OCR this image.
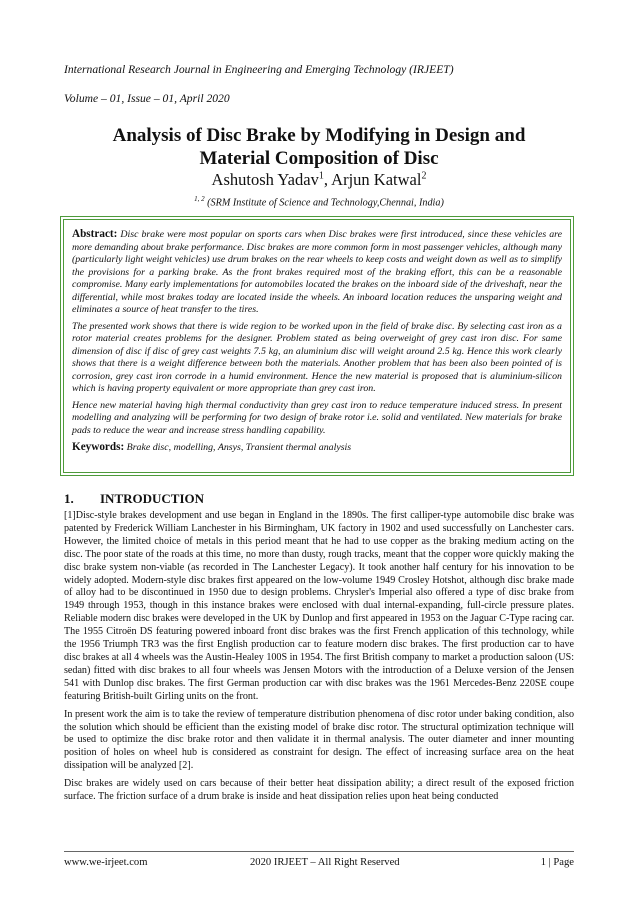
International Research Journal in Engineering and Emerging Technology (IRJEET)
Volume – 01, Issue – 01, April 2020
Analysis of Disc Brake by Modifying in Design and
Material Composition of Disc
Ashutosh Yadav$^1$, Arjun Katwal$^2$
$^{1, 2}$ (SRM Institute of Science and Technology,Chennai, India)

Abstract: Disc brake were most popular on sports cars when Disc brakes were first introduced, since these vehicles are more demanding about brake performance. Disc brakes are more common form in most passenger vehicles, although many (particularly light weight vehicles) use drum brakes on the rear wheels to keep costs and weight down as well as to simplify the provisions for a parking brake. As the front brakes required most of the braking effort, this can be a reasonable compromise. Many early implementations for automobiles located the brakes on the inboard side of the driveshaft, near the differential, while most brakes today are located inside the wheels. An inboard location reduces the unsparing weight and eliminates a source of heat transfer to the tires.

The presented work shows that there is wide region to be worked upon in the field of brake disc. By selecting cast iron as a rotor material creates problems for the designer. Problem stated as being overweight of grey cast iron disc. For same dimension of disc if disc of grey cast weights 7.5 kg, an aluminium disc will weight around 2.5 kg. Hence this work clearly shows that there is a weight difference between both the materials. Another problem that has been also been pointed of is corrosion, grey cast iron corrode in a humid environment. Hence the new material is proposed that is aluminium-silicon which is having property equivalent or more appropriate than grey cast iron.

Hence new material having high thermal conductivity than grey cast iron to reduce temperature induced stress. In present modelling and analyzing will be performing for two design of brake rotor i.e. solid and ventilated. New materials for brake pads to reduce the wear and increase stress handling capability.

Keywords: Brake disc, modelling, Ansys, Transient thermal analysis

1. INTRODUCTION

[1]Disc-style brakes development and use began in England in the 1890s. The first calliper-type automobile disc brake was patented by Frederick William Lanchester in his Birmingham, UK factory in 1902 and used successfully on Lanchester cars. However, the limited choice of metals in this period meant that he had to use copper as the braking medium acting on the disc. The poor state of the roads at this time, no more than dusty, rough tracks, meant that the copper wore quickly making the disc brake system non-viable (as recorded in The Lanchester Legacy). It took another half century for his innovation to be widely adopted. Modern-style disc brakes first appeared on the low-volume 1949 Crosley Hotshot, although disc brake made of alloy had to be discontinued in 1950 due to design problems. Chrysler's Imperial also offered a type of disc brake from 1949 through 1953, though in this instance brakes were enclosed with dual internal-expanding, full-circle pressure plates. Reliable modern disc brakes were developed in the UK by Dunlop and first appeared in 1953 on the Jaguar C-Type racing car. The 1955 Citroën DS featuring powered inboard front disc brakes was the first French application of this technology, while the 1956 Triumph TR3 was the first English production car to feature modern disc brakes. The first production car to have disc brakes at all 4 wheels was the Austin-Healey 100S in 1954. The first British company to market a production saloon (US: sedan) fitted with disc brakes to all four wheels was Jensen Motors with the introduction of a Deluxe version of the Jensen 541 with Dunlop disc brakes. The first German production car with disc brakes was the 1961 Mercedes-Benz 220SE coupe featuring British-built Girling units on the front.

In present work the aim is to take the review of temperature distribution phenomena of disc rotor under baking condition, also the solution which should be efficient than the existing model of brake disc rotor. The structural optimization technique will be used to optimize the disc brake rotor and then validate it in thermal analysis. The outer diameter and inner mounting position of holes on wheel hub is considered as constraint for design. The effect of increasing surface area on the heat dissipation will be analyzed [2].

Disc brakes are widely used on cars because of their better heat dissipation ability; a direct result of the exposed friction surface. The friction surface of a drum brake is inside and heat dissipation relies upon heat being conducted

www.we-irjeet.com	2020 IRJEET – All Right Reserved	1 | Page
